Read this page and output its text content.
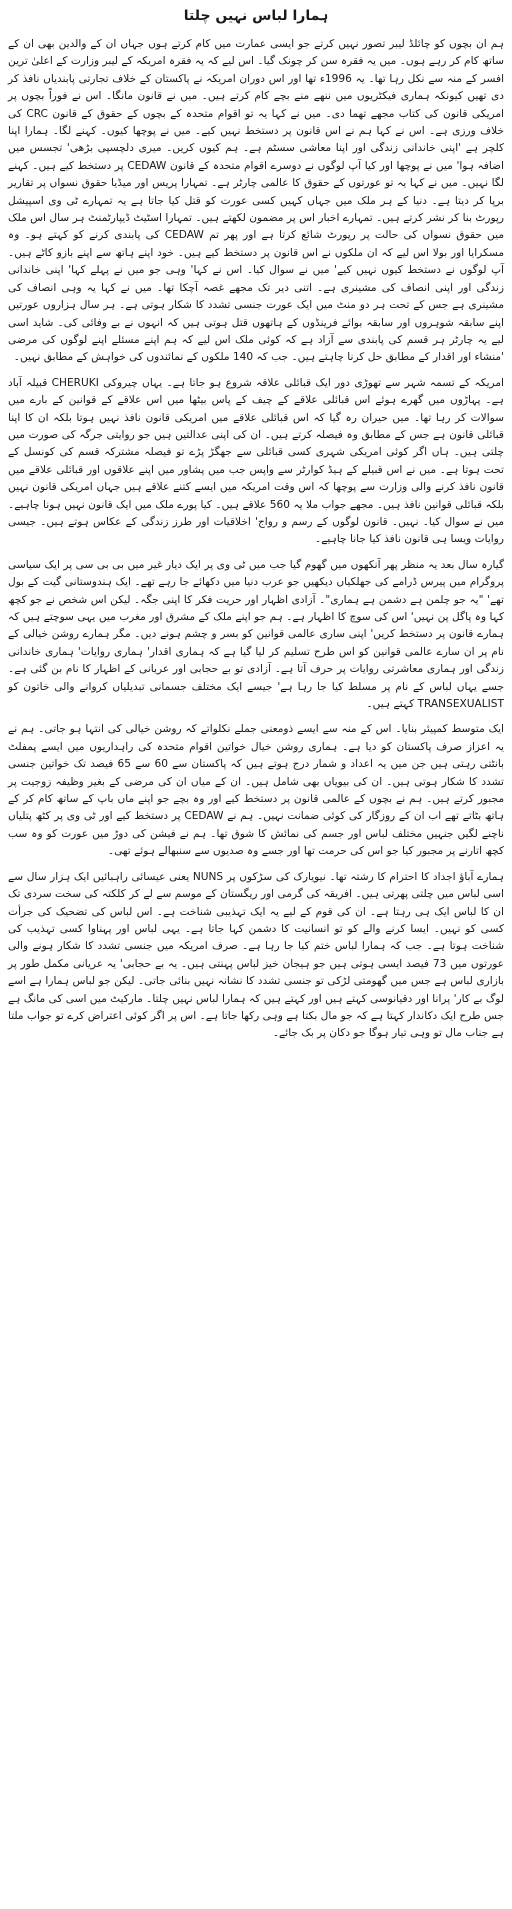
ہمارا لباس نہیں چلتا

ہم ان بچوں کو چائلڈ لیبر تصور نہیں کرتے جو ایسی عمارت میں کام کرتے ہوں جہاں ان کے والدین بھی ان کے ساتھ کام کر رہے ہوں۔ میں یہ فقرہ سن کر چونک گیا۔ اس لیے کہ یہ فقرہ امریکہ کے لیبر وزارت کے اعلیٰ ترین افسر کے منہ سے نکل رہا تھا۔ یہ 1996ء تھا اور اس دوران امریکہ نے پاکستان کے خلاف تجارتی پابندیاں نافذ کر دی تھیں کیونکہ ہماری فیکٹریوں میں ننھے منے بچے کام کرتے ہیں۔ میں نے قانون مانگا۔ اس نے فوراً بچوں پر امریکی قانون کی کتاب مجھے تھما دی۔ میں نے کہا یہ تو اقوام متحدہ کے بچوں کے حقوق کے قانون CRC کی خلاف ورزی ہے۔ اس نے کہا ہم نے اس قانون پر دستخط نہیں کیے۔ میں نے پوچھا کیوں۔ کہنے لگا۔ ہمارا اپنا کلچر ہے 'اپنی خاندانی زندگی اور اپنا معاشی سسٹم ہے۔ ہم کیوں کریں۔ میری دلچسپی بڑھی' تجسس میں اضافہ ہوا' میں نے پوچھا اور کیا آپ لوگوں نے دوسرے اقوام متحدہ کے قانون CEDAW پر دستخط کیے ہیں۔ کہنے لگا نہیں۔ میں نے کہا یہ تو عورتوں کے حقوق کا عالمی چارٹر ہے۔ تمہارا پریس اور میڈیا حقوق نسواں پر تقاریر برپا کر دیتا ہے۔ دنیا کے ہر ملک میں جہاں کہیں کسی عورت کو قتل کیا جاتا ہے یہ تمہارے ٹی وی اسپیشل رپورٹ بنا کر نشر کرتے ہیں۔ تمہارے اخبار اس پر مضمون لکھتے ہیں۔ تمہارا اسٹیٹ ڈیپارٹمنٹ ہر سال اس ملک میں حقوق نسواں کی حالت پر رپورٹ شائع کرتا ہے اور پھر تم CEDAW کی پابندی کرنے کو کہتے ہو۔ وہ مسکرایا اور بولا اس لیے کہ ان ملکوں نے اس قانون پر دستخط کیے ہیں۔ خود اپنے ہاتھ سے اپنے بازو کاٹے ہیں۔ آپ لوگوں نے دستخط کیوں نہیں کیے' میں نے سوال کیا۔ اس نے کہا' وہی جو میں نے پہلے کہا' اپنی خاندانی زندگی اور اپنی انصاف کی مشینری ہے۔ اتنی دیر تک مجھے غصہ آچکا تھا۔ میں نے کہا یہ وہی انصاف کی مشینری ہے جس کے تحت ہر دو منٹ میں ایک عورت جنسی تشدد کا شکار ہوتی ہے۔ ہر سال ہزاروں عورتیں اپنے سابقہ شوہروں اور سابقہ بوائے فرینڈوں کے ہاتھوں قتل ہوتی ہیں کہ انہوں نے بے وفائی کی۔ شاید اسی لیے یہ چارٹر ہر قسم کی پابندی سے آزاد ہے کہ کوئی ملک اس لیے کہ ہم اپنے مسئلے اپنے لوگوں کی مرضی 'منشاء اور اقدار کے مطابق حل کرنا چاہتے ہیں۔ جب کہ 140 ملکوں کے نمائندوں کی خواہش کے مطابق نہیں۔

امریکہ کے تسمہ شہر سے تھوڑی دور ایک قبائلی علاقہ شروع ہو جاتا ہے۔ یہاں چیروکی CHERUKI قبیلہ آباد ہے۔ پہاڑوں میں گھرے ہوئے اس قبائلی علاقے کے چیف کے پاس بیٹھا میں اس علاقے کے قوانین کے بارے میں سوالات کر رہا تھا۔ میں حیران رہ گیا کہ اس قبائلی علاقے میں امریکی قانون نافذ نہیں ہوتا بلکہ ان کا اپنا قبائلی قانون ہے جس کے مطابق وہ فیصلہ کرتے ہیں۔ ان کی اپنی عدالتیں ہیں جو روایتی جرگہ کی صورت میں چلتی ہیں۔ ہاں اگر کوئی امریکی شہری کسی قبائلی سے جھگڑ پڑے تو فیصلہ مشترکہ قسم کی کونسل کے تحت ہوتا ہے۔ میں نے اس قبیلے کے ہیڈ کوارٹر سے واپس جب میں پشاور میں اپنے علاقوں اور قبائلی علاقے میں قانون نافذ کرنے والی وزارت سے پوچھا کہ اس وقت امریکہ میں ایسے کتنے علاقے ہیں جہاں امریکی قانون نہیں بلکہ قبائلی قوانین نافذ ہیں۔ مجھے جواب ملا یہ 560 علاقے ہیں۔ کیا پورے ملک میں ایک قانون نہیں ہونا چاہیے۔ میں نے سوال کیا۔ نہیں۔ قانون لوگوں کے رسم و رواج' اخلاقیات اور طرز زندگی کے عکاس ہوتے ہیں۔ جیسی روایات ویسا ہی قانون نافذ کیا جانا چاہیے۔

گیارہ سال بعد یہ منظر پھر آنکھوں میں گھوم گیا جب میں ٹی وی پر ایک دیار غیر میں بی بی سی پر ایک سیاسی پروگرام میں پیرس ڈرامے کی جھلکیاں دیکھیں جو عرب دنیا میں دکھائے جا رہے تھے۔ ایک ہندوستانی گیت کے بول تھے' "یہ جو چلمن ہے دشمن ہے ہماری"۔ آزادی اظہار اور حریت فکر کا اپنی جگہ۔ لیکن اس شخص نے جو کچھ کہا وہ پاگل پن نہیں' اس کی سوچ کا اظہار ہے۔ ہم جو اپنے ملک کے مشرق اور مغرب میں یہی سوچتے ہیں کہ ہمارے قانون پر دستخط کریں' اپنی ساری عالمی قوانین کو بسر و چشم ہونے دیں۔ مگر ہمارے روشن خیالی کے نام پر ان سارے عالمی قوانین کو اس طرح تسلیم کر لیا گیا ہے کہ ہماری اقدار' ہماری روایات' ہماری خاندانی زندگی اور ہماری معاشرتی روایات پر حرف آتا ہے۔ آزادی تو بے حجابی اور عریانی کے اظہار کا نام بن گئی ہے۔ جسے یہاں لباس کے نام پر مسلط کیا جا رہا ہے' جیسے ایک مختلف جسمانی تبدیلیاں کروانے والی خاتون کو TRANSEXUALIST کہتے ہیں۔

ایک متوسط کمپیئر بنایا۔ اس کے منہ سے ایسے ذومعنی جملے نکلواتے کہ روشن خیالی کی انتہا ہو جاتی۔ ہم نے یہ اعزاز صرف پاکستان کو دیا ہے۔ ہماری روشن خیال خواتین اقوام متحدہ کی راہداریوں میں ایسے پمفلٹ بانٹتی رہتی ہیں جن میں یہ اعداد و شمار درج ہوتے ہیں کہ پاکستان سے 60 سے 65 فیصد تک خواتین جنسی تشدد کا شکار ہوتی ہیں۔ ان کی بیویاں بھی شامل ہیں۔ ان کے میاں ان کی مرضی کے بغیر وظیفہ زوجیت پر مجبور کرتے ہیں۔ ہم نے بچوں کے عالمی قانون پر دستخط کیے اور وہ بچے جو اپنے ماں باپ کے ساتھ کام کر کے ہاتھ بٹاتے تھے اب ان کے روزگار کی کوئی ضمانت نہیں۔ ہم نے CEDAW پر دستخط کیے اور ٹی وی پر کٹھ پتلیاں ناچنے لگیں جنہیں مختلف لباس اور جسم کی نمائش کا شوق تھا۔ ہم نے فیشن کی دوڑ میں عورت کو وہ سب کچھ اتارنے پر مجبور کیا جو اس کی حرمت تھا اور جسے وہ صدیوں سے سنبھالے ہوئے تھی۔

ہمارے آباؤ اجداد کا احترام کا رشتہ تھا۔ نیویارک کی سڑکوں پر NUNS یعنی عیسائی راہبائیں ایک ہزار سال سے اسی لباس میں چلتی پھرتی ہیں۔ افریقہ کی گرمی اور ریگستان کے موسم سے لے کر کلکتہ کی سخت سردی تک ان کا لباس ایک ہی رہتا ہے۔ ان کی قوم کے لیے یہ ایک تہذیبی شناخت ہے۔ اس لباس کی تضحیک کی جرأت کسی کو نہیں۔ ایسا کرنے والے کو تو انسانیت کا دشمن کہا جاتا ہے۔ یہی لباس اور پہناوا کسی تہذیب کی شناخت ہوتا ہے۔ جب کہ ہمارا لباس ختم کیا جا رہا ہے۔ صرف امریکہ میں جنسی تشدد کا شکار ہونے والی عورتوں میں 73 فیصد ایسی ہوتی ہیں جو ہیجان خیز لباس پہنتی ہیں۔ یہ بے حجابی' یہ عریانی مکمل طور پر بازاری لباس ہے جس میں گھومتی لڑکی تو جنسی تشدد کا نشانہ نہیں بنائی جاتی۔ لیکن جو لباس ہمارا ہے اسے لوگ بے کار' پرانا اور دقیانوسی کہتے ہیں اور کہتے ہیں کہ ہمارا لباس نہیں چلتا۔ مارکیٹ میں اسی کی مانگ ہے جس طرح ایک دکاندار کہتا ہے کہ جو مال بکتا ہے وہی رکھا جاتا ہے۔ اس پر اگر کوئی اعتراض کرے تو جواب ملتا ہے جناب مال تو وہی تیار ہوگا جو دکان پر بک جائے۔
